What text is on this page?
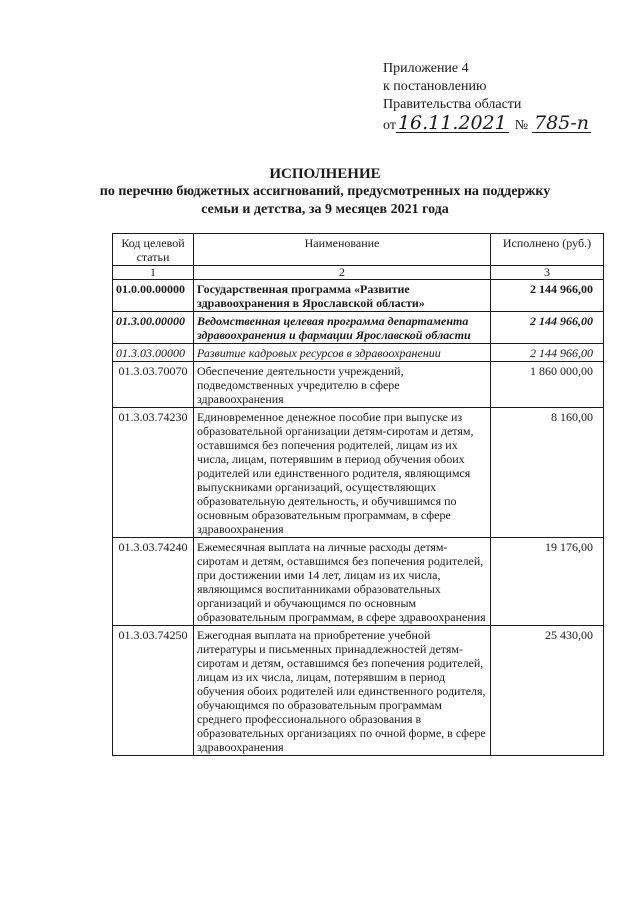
Приложение 4
к постановлению
Правительства области
от 16.11.2021 № 785-п
ИСПОЛНЕНИЕ
по перечню бюджетных ассигнований, предусмотренных на поддержку
семьи и детства, за 9 месяцев 2021 года
Код целевой статьи	Наименование	Исполнено (руб.)
1	2	3
01.0.00.00000	Государственная программа «Развитие здравоохранения в Ярославской области»	2 144 966,00
01.3.00.00000	Ведомственная целевая программа департамента здравоохранения и фармации Ярославской области	2 144 966,00
01.3.03.00000	Развитие кадровых ресурсов в здравоохранении	2 144 966,00
01.3.03.70070	Обеспечение деятельности учреждений, подведомственных учредителю в сфере здравоохранения	1 860 000,00
01.3.03.74230	Единовременное денежное пособие при выпуске из образовательной организации детям-сиротам и детям, оставшимся без попечения родителей, лицам из их числа, лицам, потерявшим в период обучения обоих родителей или единственного родителя, являющимся выпускниками организаций, осуществляющих образовательную деятельность, и обучившимся по основным образовательным программам, в сфере здравоохранения	8 160,00
01.3.03.74240	Ежемесячная выплата на личные расходы детям-сиротам и детям, оставшимся без попечения родителей, при достижении ими 14 лет, лицам из их числа, являющимся воспитанниками образовательных организаций и обучающимся по основным образовательным программам, в сфере здравоохранения	19 176,00
01.3.03.74250	Ежегодная выплата на приобретение учебной литературы и письменных принадлежностей детям-сиротам и детям, оставшимся без попечения родителей, лицам из их числа, лицам, потерявшим в период обучения обоих родителей или единственного родителя, обучающимся по образовательным программам среднего профессионального образования в образовательных организациях по очной форме, в сфере здравоохранения	25 430,00
